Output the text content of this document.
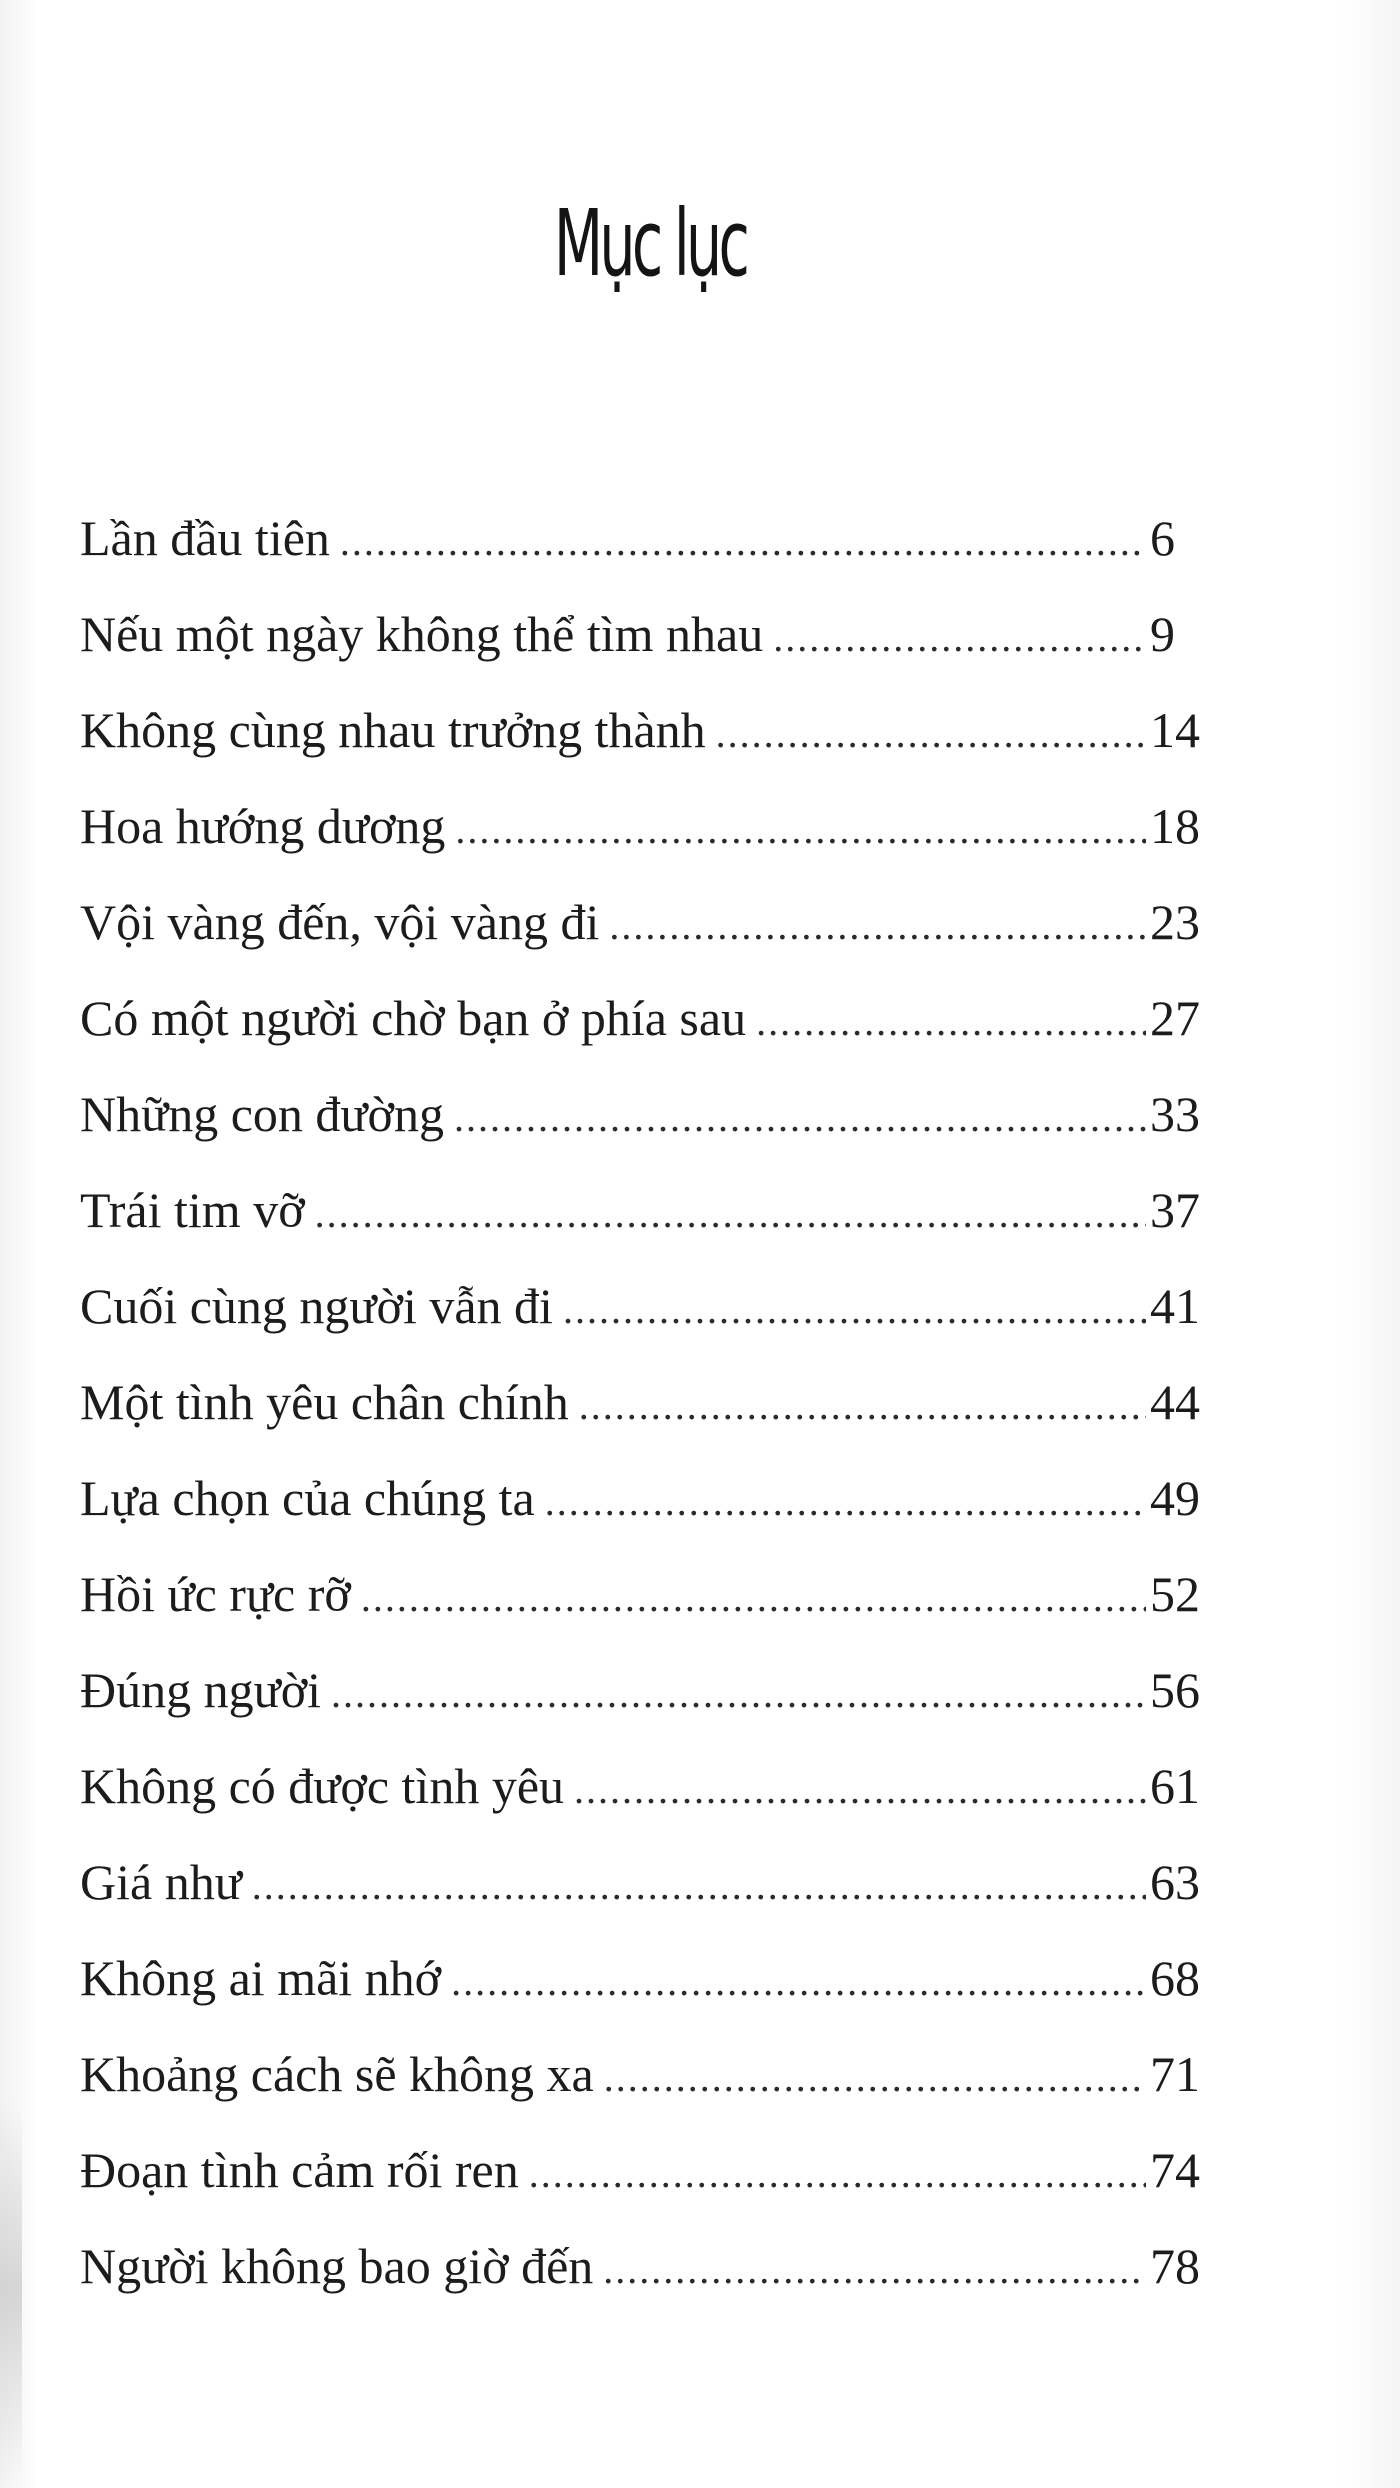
Mục lục
Lần đầu tiên .....	6
Nếu một ngày không thể tìm nhau .....	9
Không cùng nhau trưởng thành .....	14
Hoa hướng dương .....	18
Vội vàng đến, vội vàng đi .....	23
Có một người chờ bạn ở phía sau .....	27
Những con đường .....	33
Trái tim vỡ .....	37
Cuối cùng người vẫn đi .....	41
Một tình yêu chân chính .....	44
Lựa chọn của chúng ta .....	49
Hồi ức rực rỡ .....	52
Đúng người .....	56
Không có được tình yêu .....	61
Giá như .....	63
Không ai mãi nhớ .....	68
Khoảng cách sẽ không xa .....	71
Đoạn tình cảm rối ren .....	74
Người không bao giờ đến .....	78
